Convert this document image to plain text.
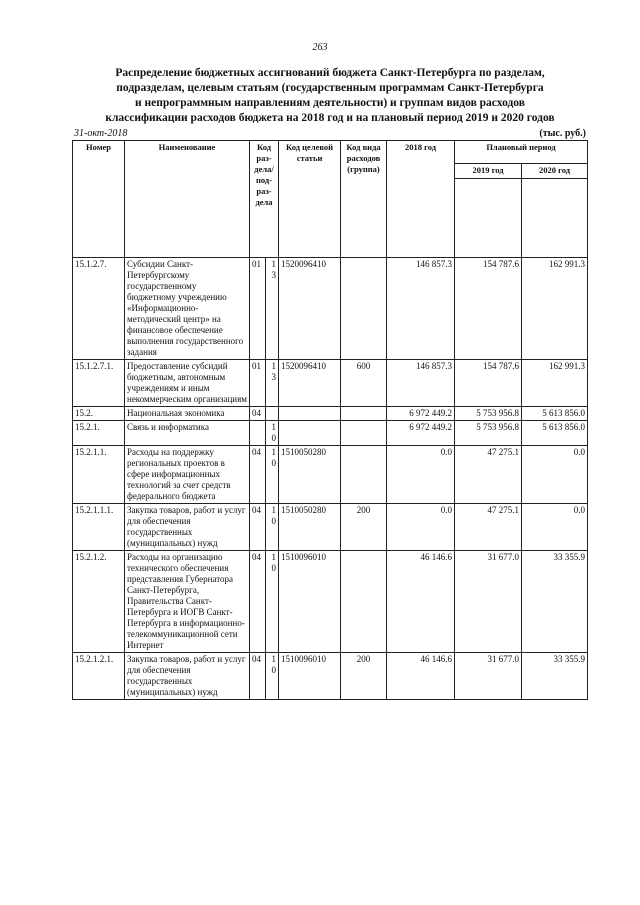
263
Распределение бюджетных ассигнований бюджета Санкт-Петербурга по разделам,
подразделам, целевым статьям (государственным программам Санкт-Петербурга
и непрограммным направлениям деятельности) и группам видов расходов
классификации расходов бюджета на 2018 год и на плановый период 2019 и 2020 годов
31-окт-2018	(тыс. руб.)
Номер	Наименование	Код раз-дела/ под-раз-дела		Код целевой статьи	Код вида расходов (группа)	2018 год	Плановый период	
							2019 год	2020 год

15.1.2.7.	Субсидии Санкт-Петербургскому государственному бюджетному учреждению «Информационно-методический центр» на финансовое обеспечение выполнения государственного задания	01	13	1520096410		146 857.3	154 787.6	162 991.3
15.1.2.7.1.	Предоставление субсидий бюджетным, автономным учреждениям и иным некоммерческим организациям	01	13	1520096410	600	146 857.3	154 787.6	162 991.3
15.2.	Национальная экономика	04				6 972 449.2	5 753 956.8	5 613 856.0
15.2.1.	Связь и информатика		10			6 972 449.2	5 753 956.8	5 613 856.0
15.2.1.1.	Расходы на поддержку региональных проектов в сфере информационных технологий за счет средств федерального бюджета	04	10	1510050280		0.0	47 275.1	0.0
15.2.1.1.1.	Закупка товаров, работ и услуг для обеспечения государственных (муниципальных) нужд	04	10	1510050280	200	0.0	47 275.1	0.0
15.2.1.2.	Расходы на организацию технического обеспечения представления Губернатора Санкт-Петербурга, Правительства Санкт-Петербурга и ИОГВ Санкт-Петербурга в информационно-телекоммуникационной сети Интернет	04	10	1510096010		46 146.6	31 677.0	33 355.9
15.2.1.2.1.	Закупка товаров, работ и услуг для обеспечения государственных (муниципальных) нужд	04	10	1510096010	200	46 146.6	31 677.0	33 355.9
